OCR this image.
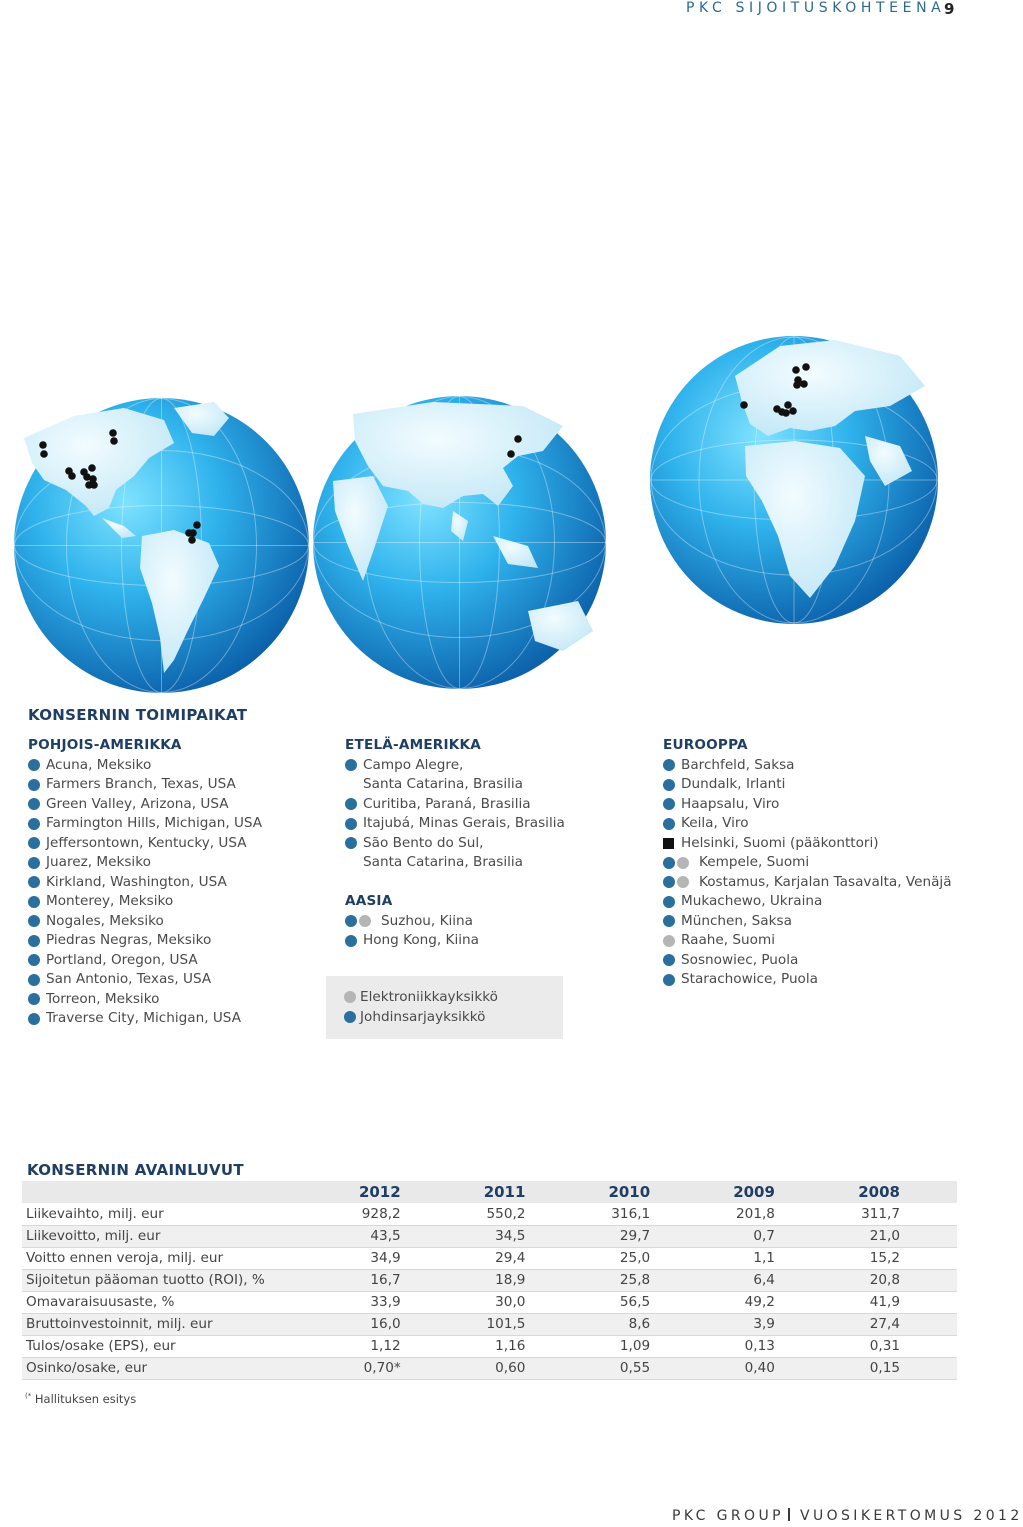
PKC SIJOITUSKOHTEENA
9
KONSERNIN TOIMIPAIKAT
POHJOIS-AMERIKKA
Acuna, Meksiko
Farmers Branch, Texas, USA
Green Valley, Arizona, USA
Farmington Hills, Michigan, USA
Jeffersontown, Kentucky, USA
Juarez, Meksiko
Kirkland, Washington, USA
Monterey, Meksiko
Nogales, Meksiko
Piedras Negras, Meksiko
Portland, Oregon, USA
San Antonio, Texas, USA
Torreon, Meksiko
Traverse City, Michigan, USA
ETELÄ-AMERIKKA
Campo Alegre,
Santa Catarina, Brasilia
Curitiba, Paraná, Brasilia
Itajubá, Minas Gerais, Brasilia
São Bento do Sul,
Santa Catarina, Brasilia
AASIA
Suzhou, Kiina
Hong Kong, Kiina
Elektroniikkayksikkö
Johdinsarjayksikkö
EUROOPPA
Barchfeld, Saksa
Dundalk, Irlanti
Haapsalu, Viro
Keila, Viro
Helsinki, Suomi (pääkonttori)
Kempele, Suomi
Kostamus, Karjalan Tasavalta, Venäjä
Mukachewo, Ukraina
München, Saksa
Raahe, Suomi
Sosnowiec, Puola
Starachowice, Puola
KONSERNIN AVAINLUVUT
	2012	2011	2010	2009	2008
Liikevaihto, milj. eur	928,2	550,2	316,1	201,8	311,7
Liikevoitto, milj. eur	43,5	34,5	29,7	0,7	21,0
Voitto ennen veroja, milj. eur	34,9	29,4	25,0	1,1	15,2
Sijoitetun pääoman tuotto (ROI), %	16,7	18,9	25,8	6,4	20,8
Omavaraisuusaste, %	33,9	30,0	56,5	49,2	41,9
Bruttoinvestoinnit, milj. eur	16,0	101,5	8,6	3,9	27,4
Tulos/osake (EPS), eur	1,12	1,16	1,09	0,13	0,31
Osinko/osake, eur	0,70*	0,60	0,55	0,40	0,15
(* Hallituksen esitys
PKC GROUP VUOSIKERTOMUS 2012
